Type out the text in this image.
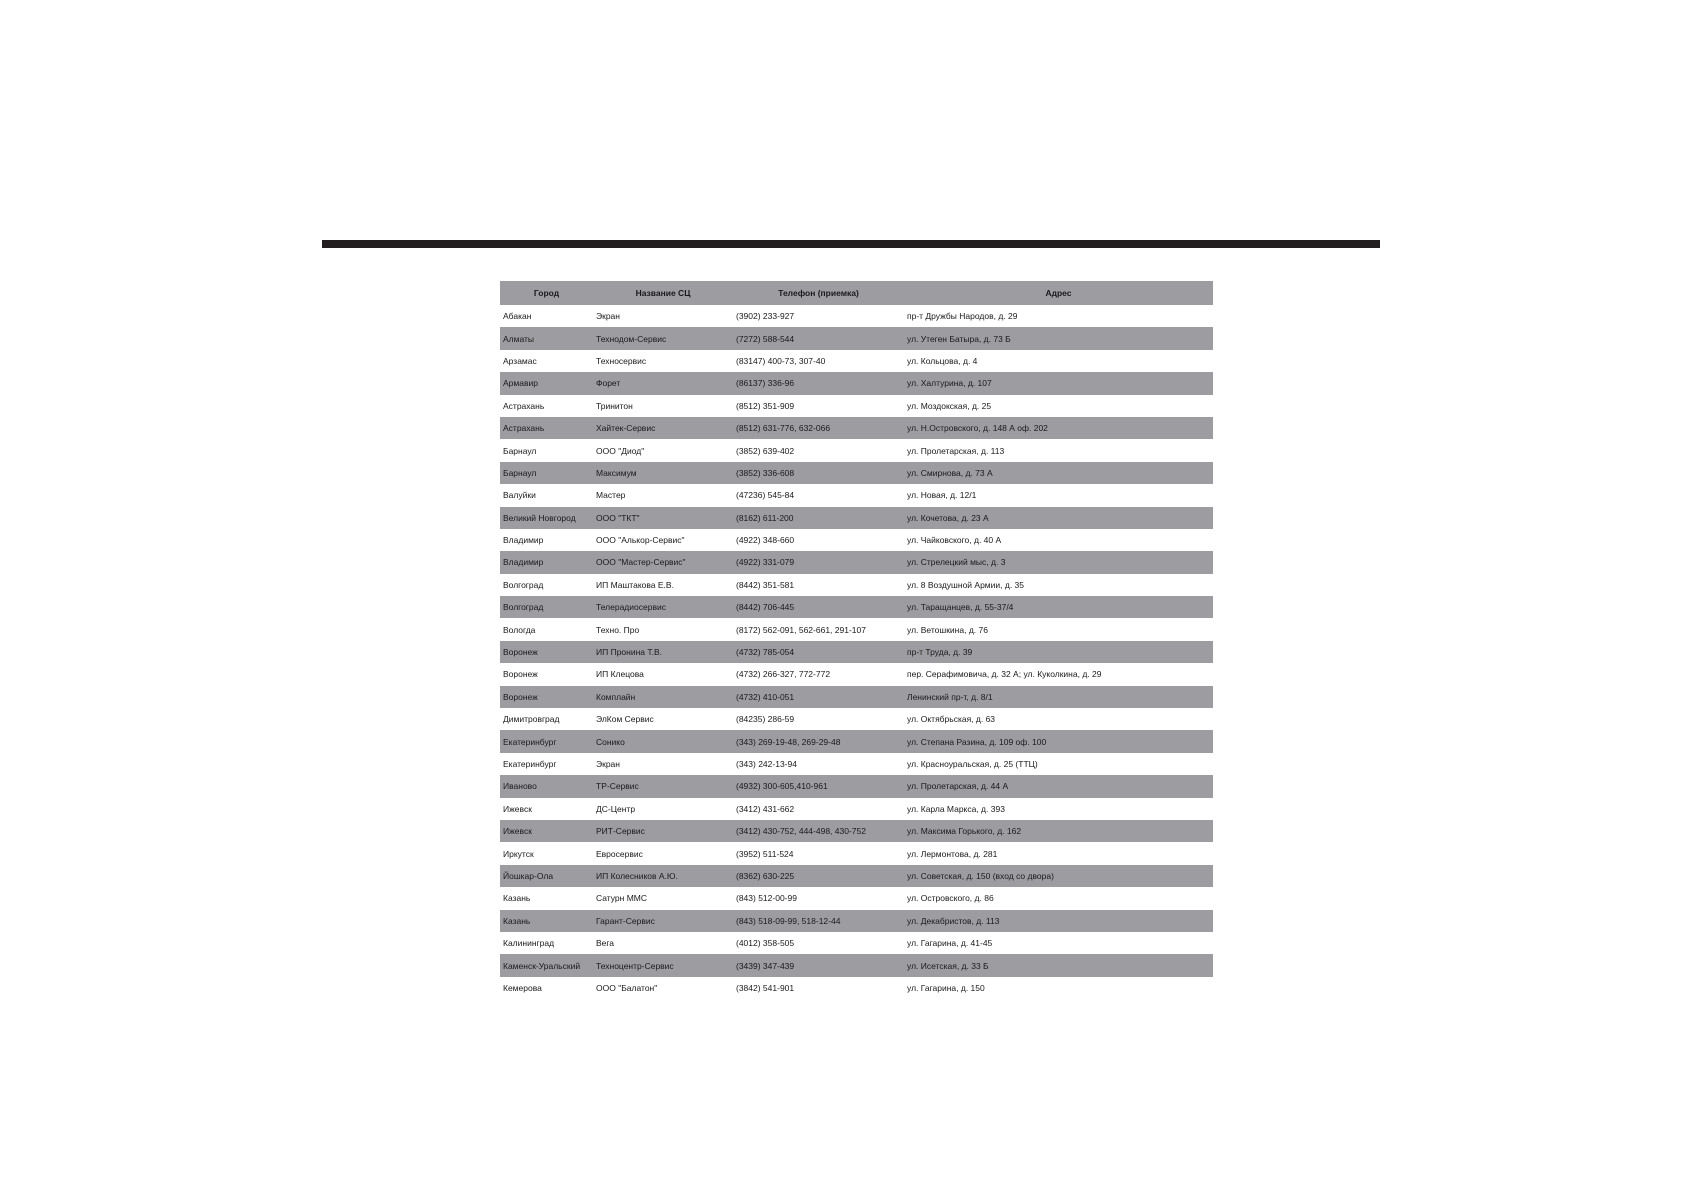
Город	Название СЦ	Телефон (приемка)	Адрес
Абакан	Экран	(3902) 233-927	пр-т Дружбы Народов, д. 29
Алматы	Технодом-Сервис	(7272) 588-544	ул. Утеген Батыра, д. 73 Б
Арзамас	Техносервис	(83147) 400-73, 307-40	ул. Кольцова, д. 4
Армавир	Форет	(86137) 336-96	ул. Халтурина, д. 107
Астрахань	Тринитон	(8512) 351-909	ул. Моздокская, д. 25
Астрахань	Хайтек-Сервис	(8512) 631-776, 632-066	ул. Н.Островского, д. 148 А оф. 202
Барнаул	ООО "Диод"	(3852) 639-402	ул. Пролетарская, д. 113
Барнаул	Максимум	(3852) 336-608	ул. Смирнова, д. 73 А
Валуйки	Мастер	(47236) 545-84	ул. Новая, д. 12/1
Великий Новгород	ООО "ТКТ"	(8162) 611-200	ул. Кочетова, д. 23 А
Владимир	ООО "Алькор-Сервис"	(4922) 348-660	ул. Чайковского, д. 40 А
Владимир	ООО "Мастер-Сервис"	(4922) 331-079	ул. Стрелецкий мыс, д. 3
Волгоград	ИП Маштакова Е.В.	(8442) 351-581	ул. 8 Воздушной Армии, д. 35
Волгоград	Телерадиосервис	(8442) 706-445	ул. Таращанцев, д. 55-37/4
Вологда	Техно. Про	(8172) 562-091, 562-661, 291-107	ул. Ветошкина, д. 76
Воронеж	ИП Пронина Т.В.	(4732) 785-054	пр-т Труда, д. 39
Воронеж	ИП Клецова	(4732) 266-327, 772-772	пер. Серафимовича, д. 32 А; ул. Куколкина, д. 29
Воронеж	Комплайн	(4732) 410-051	Ленинский пр-т, д. 8/1
Димитровград	ЭлКом Сервис	(84235) 286-59	ул. Октябрьская, д. 63
Екатеринбург	Сонико	(343) 269-19-48, 269-29-48	ул. Степана Разина, д. 109 оф. 100
Екатеринбург	Экран	(343) 242-13-94	ул. Красноуральская, д. 25 (ТТЦ)
Иваново	ТР-Сервис	(4932) 300-605,410-961	ул. Пролетарская, д. 44 А
Ижевск	ДС-Центр	(3412) 431-662	ул. Карла Маркса, д. 393
Ижевск	РИТ-Сервис	(3412) 430-752, 444-498, 430-752	ул. Максима Горького, д. 162
Иркутск	Евросервис	(3952) 511-524	ул. Лермонтова, д. 281
Йошкар-Ола	ИП Колесников А.Ю.	(8362) 630-225	ул. Советская, д. 150 (вход со двора)
Казань	Сатурн ММС	(843) 512-00-99	ул. Островского, д. 86
Казань	Гарант-Сервис	(843) 518-09-99, 518-12-44	ул. Декабристов, д. 113
Калининград	Вега	(4012) 358-505	ул. Гагарина, д. 41-45
Каменск-Уральский	Техноцентр-Сервис	(3439) 347-439	ул. Исетская, д. 33 Б
Кемерова	ООО "Балатон"	(3842) 541-901	ул. Гагарина, д. 150
